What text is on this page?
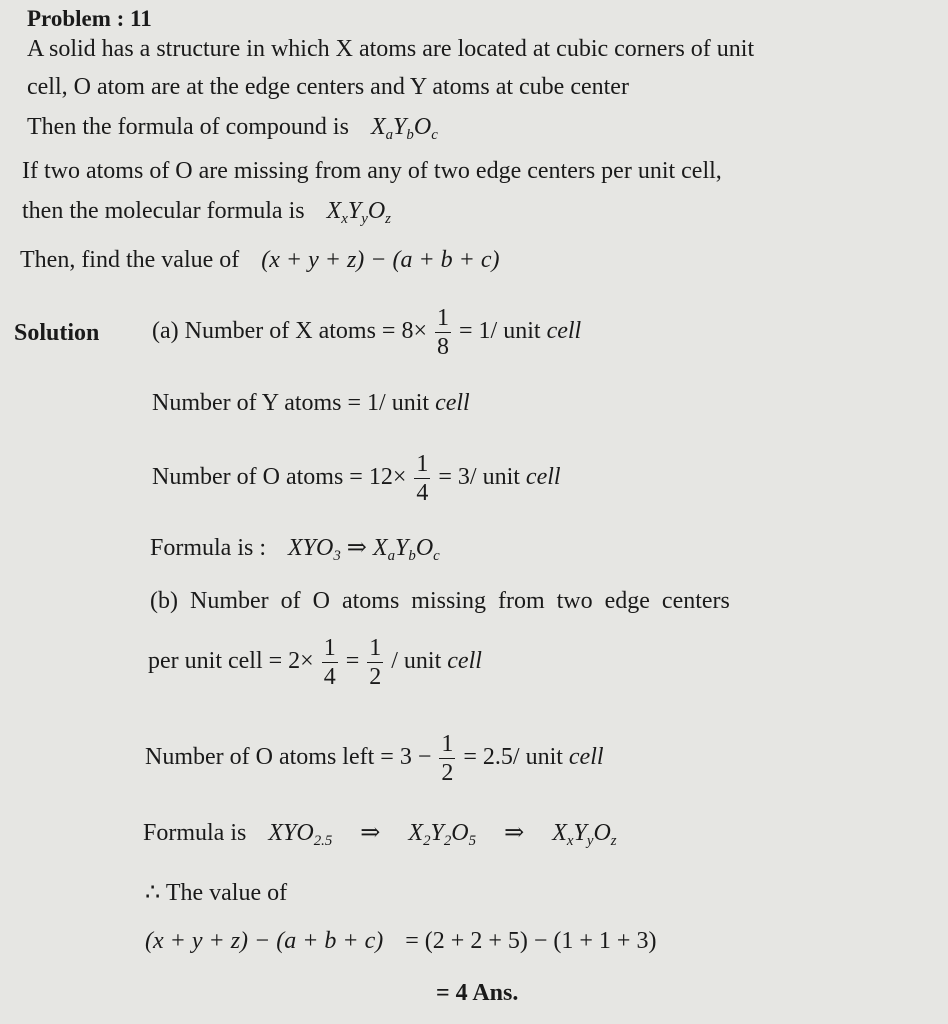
Problem : 11
A solid has a structure in which X atoms are located at cubic corners of unit
cell, O atom are at the edge centers and Y atoms at cube center
Then the formula of compound is $X_aY_bO_c$
If two atoms of O are missing from any of two edge centers per unit cell,
then the molecular formula is $X_xY_yO_z$
Then, find the value of (x + y + z) − (a + b + c)
Solution (a) Number of X atoms = $8\times \frac{1}{8} = 1/$ unit cell
Number of Y atoms = 1/ unit cell
Number of O atoms = $12\times \frac{1}{4} = 3/$ unit cell
Formula is : $XYO_3$ ⇒ $X_aY_bO_c$
(b) Number of O atoms missing from two edge centers
per unit cell = $2\times \frac{1}{4} = \frac{1}{2}$ / unit cell
Number of O atoms left = $3 - \frac{1}{2} = 2.5/$ unit cell
Formula is $XYO_{2.5}$ ⇒ $X_2Y_2O_5$ ⇒ $X_xY_yO_z$
∴ The value of
(x + y + z) − (a + b + c) = (2 + 2 + 5) − (1 + 1 + 3)
= 4 Ans.
